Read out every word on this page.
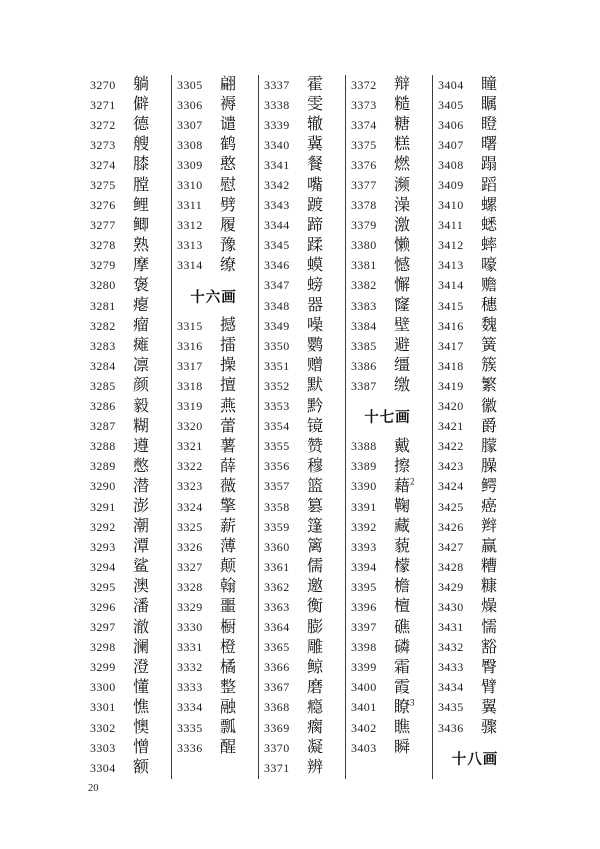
3270	躺
3271	僻
3272	德
3273	艘
3274	膝
3275	膛
3276	鲤
3277	鲫
3278	熟
3279	摩
3280	褒
3281	瘪
3282	瘤
3283	瘫
3284	凛
3285	颜
3286	毅
3287	糊
3288	遵
3289	憋
3290	潜
3291	澎
3292	潮
3293	潭
3294	鲨
3295	澳
3296	潘
3297	澈
3298	澜
3299	澄
3300	懂
3301	憔
3302	懊
3303	憎
3304	额
3305	翩
3306	褥
3307	谴
3308	鹤
3309	憨
3310	慰
3311	劈
3312	履
3313	豫
3314	缭
十六画
3315	撼
3316	擂
3317	操
3318	擅
3319	燕
3320	蕾
3321	薯
3322	薛
3323	薇
3324	擎
3325	薪
3326	薄
3327	颠
3328	翰
3329	噩
3330	橱
3331	橙
3332	橘
3333	整
3334	融
3335	瓢
3336	醒
3337	霍
3338	雯
3339	辙
3340	冀
3341	餐
3342	嘴
3343	踱
3344	蹄
3345	蹂
3346	蟆
3347	螃
3348	器
3349	噪
3350	鹦
3351	赠
3352	默
3353	黔
3354	镜
3355	赞
3356	穆
3357	篮
3358	篡
3359	篷
3360	篱
3361	儒
3362	邀
3363	衡
3364	膨
3365	雕
3366	鲸
3367	磨
3368	瘾
3369	瘸
3370	凝
3371	辨
3372	辩
3373	糙
3374	糖
3375	糕
3376	燃
3377	濒
3378	澡
3379	激
3380	懒
3381	憾
3382	懈
3383	窿
3384	壁
3385	避
3386	缰
3387	缴
十七画
3388	戴
3389	擦
3390	藉$^2$
3391	鞠
3392	藏
3393	藐
3394	檬
3395	檐
3396	檀
3397	礁
3398	磷
3399	霜
3400	霞
3401	瞭$^3$
3402	瞧
3403	瞬
3404	瞳
3405	瞩
3406	瞪
3407	曙
3408	蹋
3409	蹈
3410	螺
3411	蟋
3412	蟀
3413	嚎
3414	赡
3415	穗
3416	魏
3417	簧
3418	簇
3419	繁
3420	徽
3421	爵
3422	朦
3423	臊
3424	鳄
3425	癌
3426	辫
3427	赢
3428	糟
3429	糠
3430	燥
3431	懦
3432	豁
3433	臀
3434	臂
3435	翼
3436	骤
十八画
20
